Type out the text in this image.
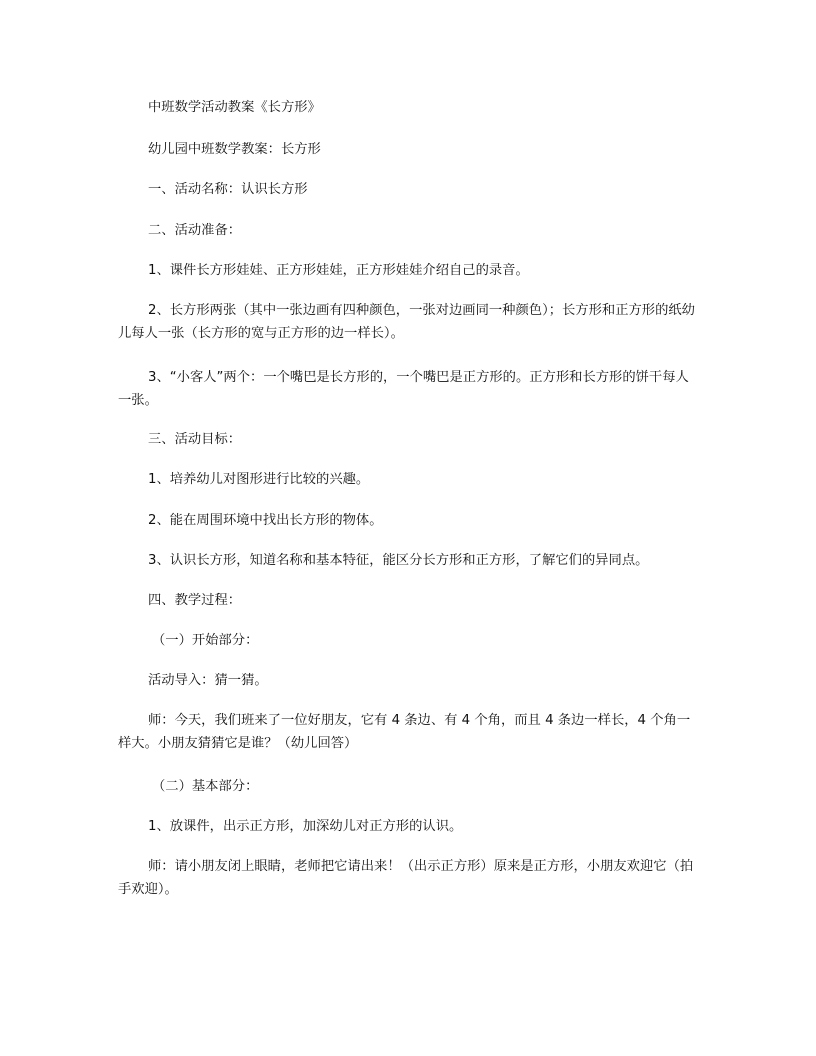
中班数学活动教案《长方形》

幼儿园中班数学教案：长方形

一、活动名称：认识长方形

二、活动准备：

1、课件长方形娃娃、正方形娃娃，正方形娃娃介绍自己的录音。

2、长方形两张（其中一张边画有四种颜色，一张对边画同一种颜色）；长方形和正方形的纸幼儿每人一张（长方形的宽与正方形的边一样长）。

3、“小客人”两个：一个嘴巴是长方形的，一个嘴巴是正方形的。正方形和长方形的饼干每人一张。

三、活动目标：

1、培养幼儿对图形进行比较的兴趣。

2、能在周围环境中找出长方形的物体。

3、认识长方形，知道名称和基本特征，能区分长方形和正方形，了解它们的异同点。

四、教学过程：

（一）开始部分：

活动导入：猜一猜。

师：今天，我们班来了一位好朋友，它有 4 条边、有 4 个角，而且 4 条边一样长，4 个角一样大。小朋友猜猜它是谁？（幼儿回答）

（二）基本部分：

1、放课件，出示正方形，加深幼儿对正方形的认识。

师：请小朋友闭上眼睛，老师把它请出来！（出示正方形）原来是正方形，小朋友欢迎它（拍手欢迎）。
